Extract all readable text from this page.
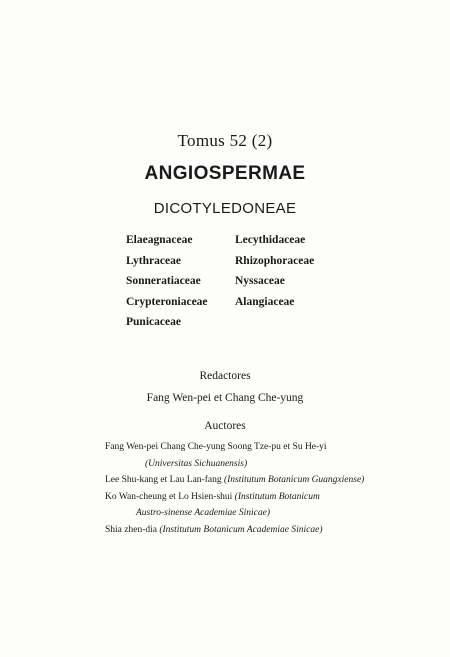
Tomus 52 (2)
ANGIOSPERMAE
DICOTYLEDONEAE
Elaeagnaceae
Lythraceae
Sonneratiaceae
Crypteroniaceae
Punicaceae
Lecythidaceae
Rhizophoraceae
Nyssaceae
Alangiaceae
Redactores
Fang Wen-pei et Chang Che-yung
Auctores
Fang Wen-pei Chang Che-yung Soong Tze-pu et Su He-yi
(Universitas Sichuanensis)
Lee Shu-kang et Lau Lan-fang (Institutum Botanicum Guangxiense)
Ko Wan-cheung et Lo Hsien-shui (Institutum Botanicum
Austro-sinense Academiae Sinicae)
Shia zhen-dia (Institutum Botanicum Academiae Sinicae)
